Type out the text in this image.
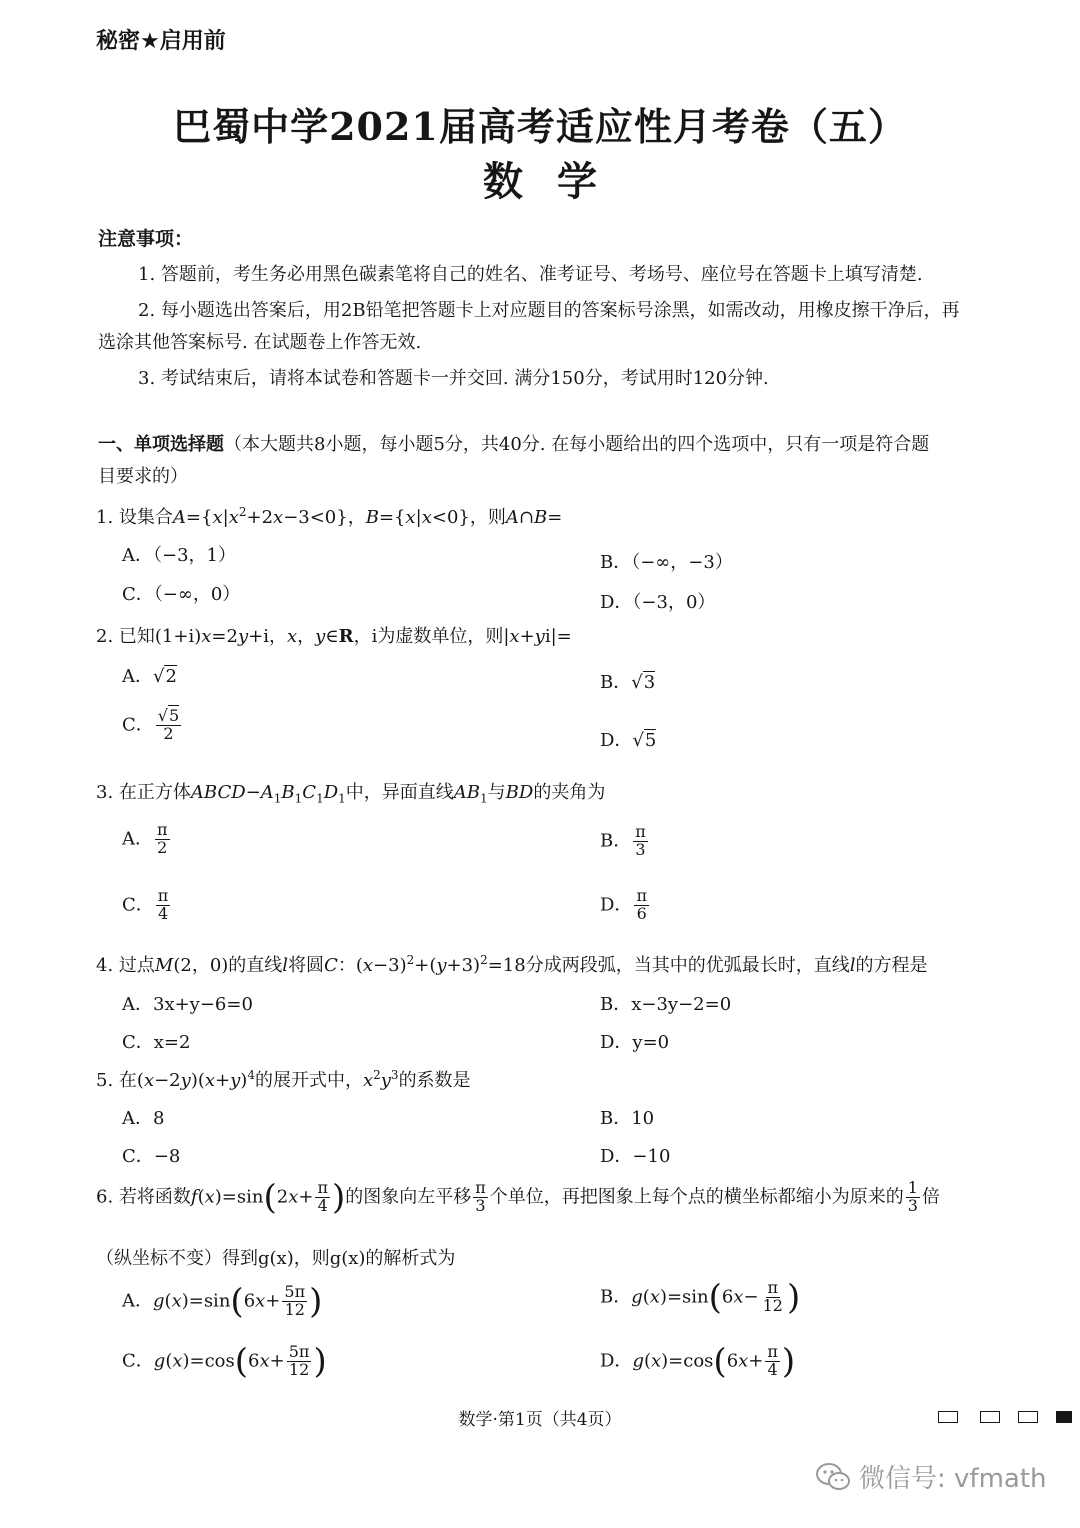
秘密★启用前
巴蜀中学2021届高考适应性月考卷（五）
数学
注意事项：
1. 答题前，考生务必用黑色碳素笔将自己的姓名、准考证号、考场号、座位号在答题卡上填写清楚.
2. 每小题选出答案后，用2B铅笔把答题卡上对应题目的答案标号涂黑，如需改动，用橡皮擦干净后，再
选涂其他答案标号. 在试题卷上作答无效.
3. 考试结束后，请将本试卷和答题卡一并交回. 满分150分，考试用时120分钟.
一、单项选择题（本大题共8小题，每小题5分，共40分. 在每小题给出的四个选项中，只有一项是符合题
目要求的）
1. 设集合$A=\{x|x^2+2x-3<0\}$，B={x|x<0}，则A∩B=
A．（−3，1）	B．（−∞，−3）
C．（−∞，0）	D．（−3，0）
2. 已知(1+i)x=2y+i，x，y∈R，i为虚数单位，则|x+yi|=
A．√2	B．√3
C． $\frac{√5}{2}$	D．√5
3. 在正方体$ABCD-A_1B_1C_1D_1$中，异面直线$AB_1$与BD的夹角为
A． $\frac{\pi}{2}$	B． $\frac{\pi}{3}$
C． $\frac{\pi}{4}$	D． $\frac{\pi}{6}$
4. 过点M(2，0)的直线l将圆C：$(x-3)^2+(y+3)^2=18$分成两段弧，当其中的优弧最长时，直线l的方程是
A．3x+y−6=0	B．x−3y−2=0
C．x=2	D．y=0
5. 在$(x-2y)(x+y)^4$的展开式中，$x^2y^3$的系数是
A．8	B．10
C．−8	D．−10
6. 若将函数$f(x)=\sin(2x+ \frac{\pi}{4}$ )的图象向左平移 $\frac{\pi}{3}$ 个单位，再把图象上每个点的横坐标都缩小为原来的 $\frac{1}{3}$ 倍
（纵坐标不变）得到g(x)，则g(x)的解析式为
A．$g(x)=\sin(6x+ \frac{5\pi}{12}$ )	B．$g(x)=\sin(6x- \frac{\pi}{12}$ )
C．$g(x)=\cos(6x+ \frac{5\pi}{12}$ )	D．$g(x)=\cos(6x+ \frac{\pi}{4}$ )
数学·第1页（共4页）
微信号: vfmath
